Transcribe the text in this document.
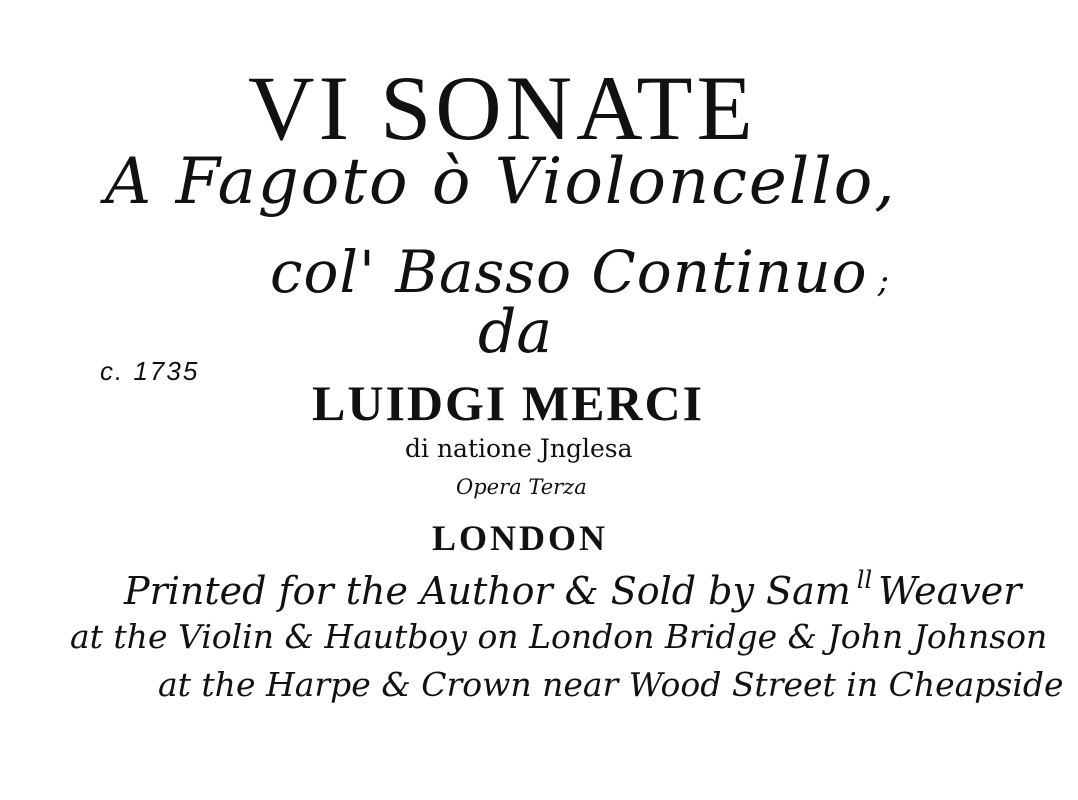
VI SONATE
A Fagoto ò Violoncello,
col' Basso Continuo ;
da
c. 1735
LUIDGI MERCI
di natione Jnglesa
Opera Terza
LONDON
Printed for the Author & Sold by Sam $^{ll}$ Weaver
at the Violin & Hautboy on London Bridge & John Johnson
at the Harpe & Crown near Wood Street in Cheapside
